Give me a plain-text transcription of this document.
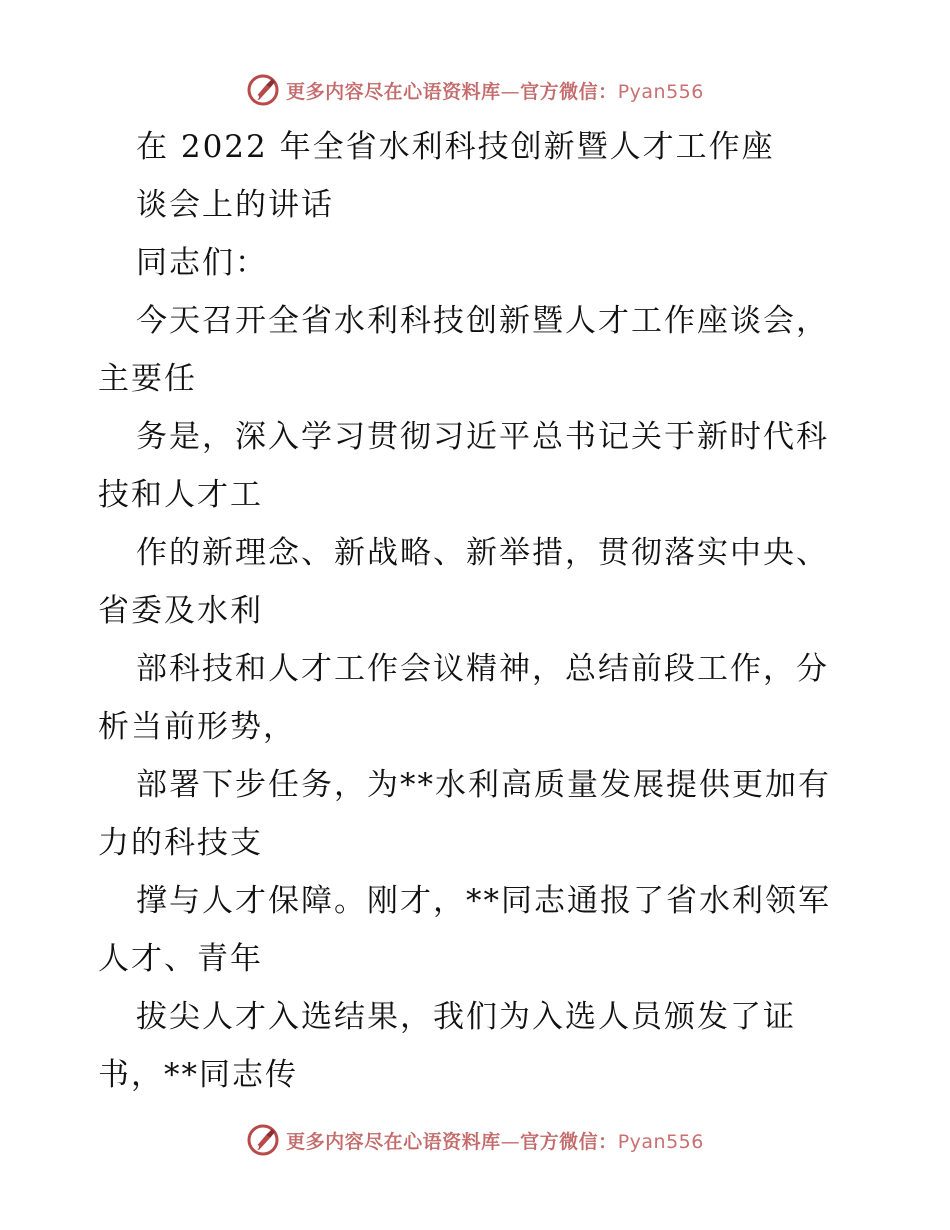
更多内容尽在心语资料库—官方微信：Pyan556
在 2022 年全省水利科技创新暨人才工作座
谈会上的讲话
同志们：
今天召开全省水利科技创新暨人才工作座谈会，
主要任
务是，深入学习贯彻习近平总书记关于新时代科
技和人才工
作的新理念、新战略、新举措，贯彻落实中央、
省委及水利
部科技和人才工作会议精神，总结前段工作，分
析当前形势，
部署下步任务，为**水利高质量发展提供更加有
力的科技支
撑与人才保障。刚才，**同志通报了省水利领军
人才、青年
拔尖人才入选结果，我们为入选人员颁发了证
书，**同志传
更多内容尽在心语资料库—官方微信：Pyan556
